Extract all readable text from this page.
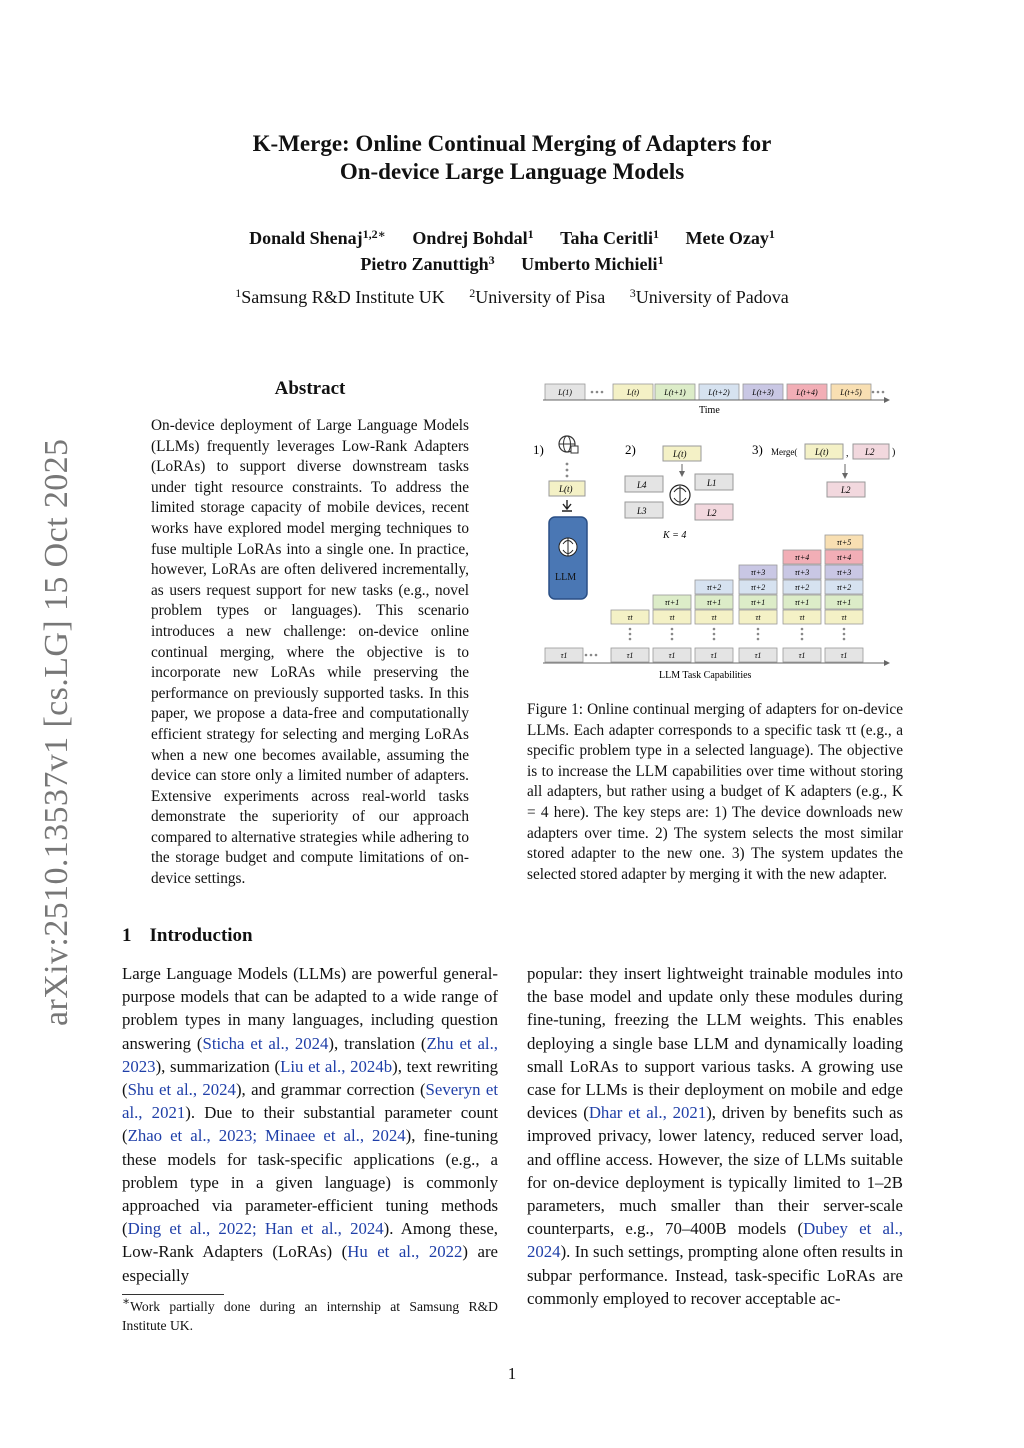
arXiv:2510.13537v1 [cs.LG] 15 Oct 2025
K-Merge: Online Continual Merging of Adapters for
On-device Large Language Models
Donald Shenaj$^{1,2∗}$ Ondrej Bohdal$^1$ Taha Ceritli$^1$ Mete Ozay$^1$
Pietro Zanuttigh$^3$ Umberto Michieli$^1$
$^1$Samsung R&D Institute UK $^2$University of Pisa $^3$University of Padova
Abstract
On-device deployment of Large Language Models (LLMs) frequently leverages Low-Rank Adapters (LoRAs) to support diverse downstream tasks under tight resource constraints. To address the limited storage capacity of mobile devices, recent works have explored model merging techniques to fuse multiple LoRAs into a single one. In practice, however, LoRAs are often delivered incrementally, as users request support for new tasks (e.g., novel problem types or languages). This scenario introduces a new challenge: on-device online continual merging, where the objective is to incorporate new LoRAs while preserving the performance on previously supported tasks. In this paper, we propose a data-free and computationally efficient strategy for selecting and merging LoRAs when a new one becomes available, assuming the device can store only a limited number of adapters. Extensive experiments across real-world tasks demonstrate the superiority of our approach compared to alternative strategies while adhering to the storage budget and compute limitations of on-device settings.
L(1)	L(t)	L(t+1)	L(t+2)	L(t+3)	L(t+4)	L(t+5)
Time
1)
L(t)
LLM
2)	L(t)
L4	L1
L3	L2
K = 4
3) Merge( L(t) , L2 )
L2
τ1	τ1
τt
τ1
τt
τt+1
τ1
τt
τt+1
τt+2
τ1
τt
τt+1
τt+2
τt+3
τ1
τt
τt+1
τt+2
τt+3
τt+4
τ1
τt
τt+1
τt+2
τt+3
τt+4
τt+5
LLM Task Capabilities
Figure 1: Online continual merging of adapters for on-device LLMs. Each adapter corresponds to a specific task τt (e.g., a specific problem type in a selected language). The objective is to increase the LLM capabilities over time without storing all adapters, but rather using a budget of K adapters (e.g., K = 4 here). The key steps are: 1) The device downloads new adapters over time. 2) The system selects the most similar stored adapter to the new one. 3) The system updates the selected stored adapter by merging it with the new adapter.
1 Introduction
Large Language Models (LLMs) are powerful general-purpose models that can be adapted to a wide range of problem types in many languages, including question answering (Sticha et al., 2024), translation (Zhu et al., 2023), summarization (Liu et al., 2024b), text rewriting (Shu et al., 2024), and grammar correction (Severyn et al., 2021). Due to their substantial parameter count (Zhao et al., 2023; Minaee et al., 2024), fine-tuning these models for task-specific applications (e.g., a problem type in a given language) is commonly approached via parameter-efficient tuning methods (Ding et al., 2022; Han et al., 2024). Among these, Low-Rank Adapters (LoRAs) (Hu et al., 2022) are especially
popular: they insert lightweight trainable modules into the base model and update only these modules during fine-tuning, freezing the LLM weights. This enables deploying a single base LLM and dynamically loading small LoRAs to support various tasks. A growing use case for LLMs is their deployment on mobile and edge devices (Dhar et al., 2021), driven by benefits such as improved privacy, lower latency, reduced server load, and offline access. However, the size of LLMs suitable for on-device deployment is typically limited to 1–2B parameters, much smaller than their server-scale counterparts, e.g., 70–400B models (Dubey et al., 2024). In such settings, prompting alone often results in subpar performance. Instead, task-specific LoRAs are commonly employed to recover acceptable ac-
∗Work partially done during an internship at Samsung R&D Institute UK.
1
